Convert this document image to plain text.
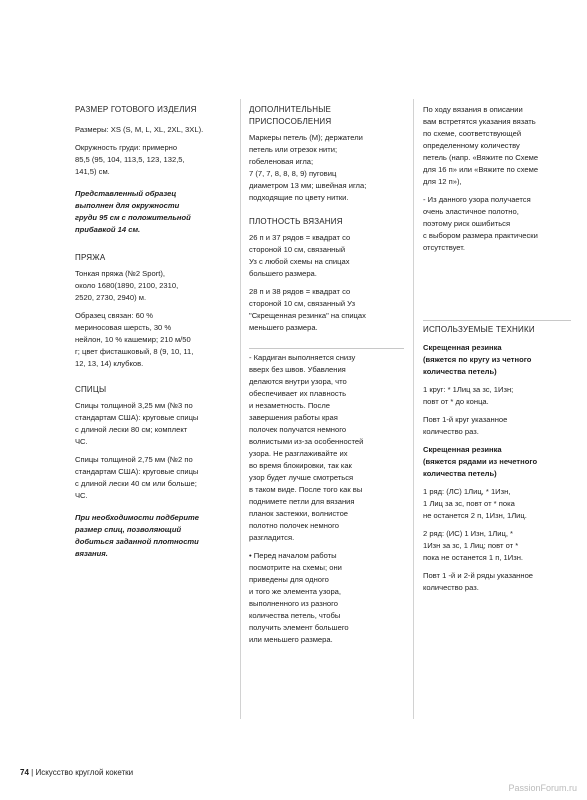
РАЗМЕР ГОТОВОГО ИЗДЕЛИЯ

Размеры: XS (S, M, L, XL, 2XL, 3XL).

Окружность груди: примерно
85,5 (95, 104, 113,5, 123, 132,5,
141,5) см.

Представленный образец
выполнен для окружности
груди 95 см с положительной
прибавкой 14 см.

ПРЯЖА

Тонкая пряжа (№2 Sport),
около 1680(1890, 2100, 2310,
2520, 2730, 2940) м.

Образец связан: 60 %
мериносовая шерсть, 30 %
нейлон, 10 % кашемир; 210 м/50
г; цвет фисташковый, 8 (9, 10, 11,
12, 13, 14) клубков.

СПИЦЫ

Спицы толщиной 3,25 мм (№3 по
стандартам США): круговые спицы
с длиной лески 80 см; комплект
ЧС.

Спицы толщиной 2,75 мм (№2 по
стандартам США): круговые спицы
с длиной лески 40 см или больше;
ЧС.

При необходимости подберите
размер спиц, позволяющий
добиться заданной плотности
вязания.

ДОПОЛНИТЕЛЬНЫЕ
ПРИСПОСОБЛЕНИЯ

Маркеры петель (М); держатели
петель или отрезок нити;
гобеленовая игла;
7 (7, 7, 8, 8, 8, 9) пуговиц
диаметром 13 мм; швейная игла;
подходящие по цвету нитки.

ПЛОТНОСТЬ ВЯЗАНИЯ

26 п и 37 рядов = квадрат со
стороной 10 см, связанный
Уз с любой схемы на спицах
большего размера.

28 п и 38 рядов = квадрат со
стороной 10 см, связанный Уз
"Скрещенная резинка" на спицах
меньшего размера.

- Кардиган выполняется снизу
вверх без швов. Убавления
делаются внутри узора, что
обеспечивает их плавность
и незаметность. После
завершения работы края
полочек получатся немного
волнистыми из-за особенностей
узора. Не разглаживайте их
во время блокировки, так как
узор будет лучше смотреться
в таком виде. После того как вы
поднимете петли для вязания
планок застежки, волнистое
полотно полочек немного
разгладится.

• Перед началом работы
посмотрите на схемы; они
приведены для одного
и того же элемента узора,
выполненного из разного
количества петель, чтобы
получить элемент большего
или меньшего размера.

По ходу вязания в описании
вам встретятся указания вязать
по схеме, соответствующей
определенному количеству
петель (напр. «Вяжите по Схеме
для 16 п» или «Вяжите по схеме
для 12 п»),

- Из данного узора получается
очень эластичное полотно,
поэтому риск ошибиться
с выбором размера практически
отсутствует.

ИСПОЛЬЗУЕМЫЕ ТЕХНИКИ

Скрещенная резинка
(вяжется по кругу из четного
количества петель)

1 круг: * 1Лиц за зс, 1Изн;
повт от * до конца.

Повт 1-й круг указанное
количество раз.

Скрещенная резинка
(вяжется рядами из нечетного
количества петель)

1 ряд: (ЛС) 1Лиц, * 1Изн,
1 Лиц за зс, повт от * пока
не останется 2 п, 1Изн, 1Лиц.

2 ряд: (ИС) 1 Изн, 1Лиц, *
1Изн за зс, 1 Лиц; повт от *
пока не останется 1 п, 1Изн.

Повт 1 -й и 2-й ряды указанное
количество раз.

74 | Искусство круглой кокетки
PassionForum.ru
